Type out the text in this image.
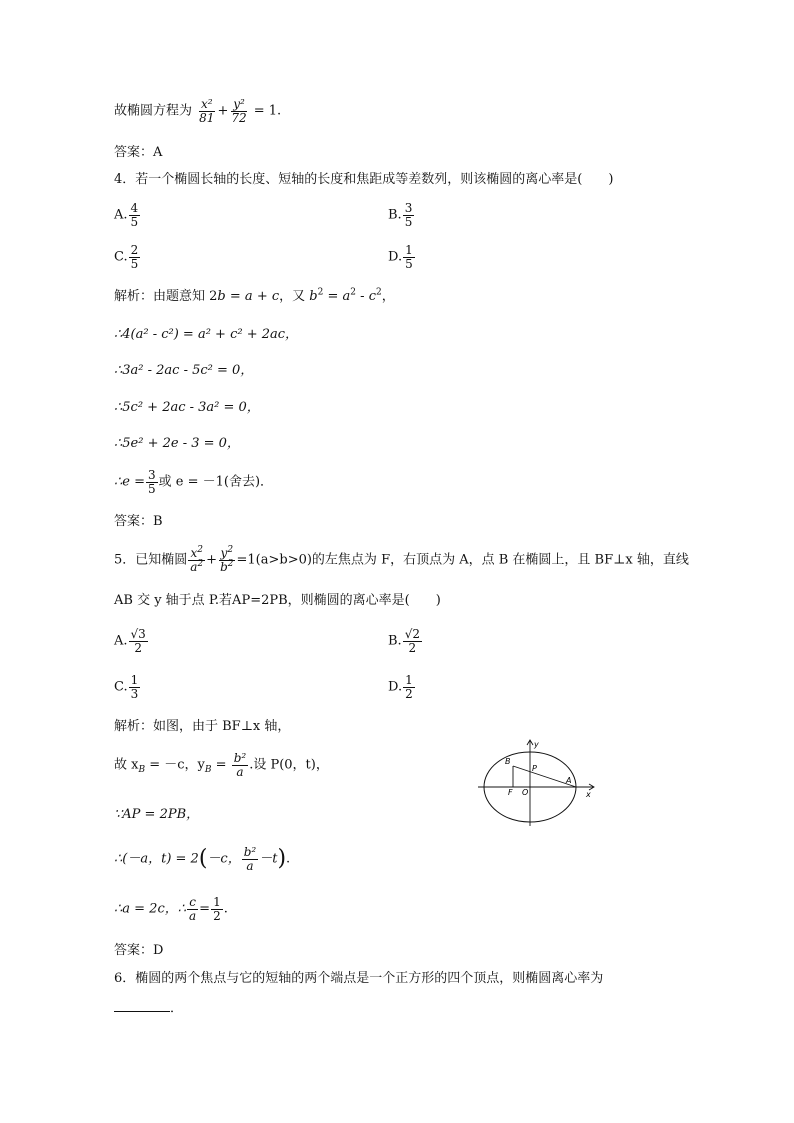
故椭圆方程为 $\frac{\text{x²}}{81} + \frac{\text{y²}}{72} = 1$.
答案：A
4．若一个椭圆长轴的长度、短轴的长度和焦距成等差数列，则该椭圆的离心率是(　　)
A. $\frac{4}{5}$	B. $\frac{3}{5}$
C. $\frac{2}{5}$	D. $\frac{1}{5}$
解析：由题意知 2b = a + c，又 $b^2 = a^2 - c^2$，
∴4(a² - c²) = a² + c² + 2ac，
∴3a² - 2ac - 5c² = 0，
∴5c² + 2ac - 3a² = 0，
∴5e² + 2e - 3 = 0，
∴e = $\frac{3}{5}$ 或 e = －1(舍去)．
答案：B
5．已知椭圆 $\frac{x^2}{a^2} + \frac{y^2}{b^2} =1(a>b>0)$的左焦点为 F，右顶点为 A，点 B 在椭圆上，且 BF⊥x 轴，直线
AB 交 y 轴于点 P.若AP=2PB，则椭圆的离心率是(　　)
A. $\frac{√3}{2}$	B. $\frac{√2}{2}$
C. $\frac{1}{3}$	D. $\frac{1}{2}$
解析：如图，由于 BF⊥x 轴，
故 $x_B = -c$，$y_B = \frac{\text{b²}}{a}$ .设 P(0，t)，
∵AP = 2PB，
∴(－a，t) = 2(－c， $\frac{\text{b²}}{a} -t$).
∴a = 2c，∴ $\frac{c}{a} = \frac{1}{2}$ .
答案：D
y
x
B
P
A
F O
6．椭圆的两个焦点与它的短轴的两个端点是一个正方形的四个顶点，则椭圆离心率为
．
